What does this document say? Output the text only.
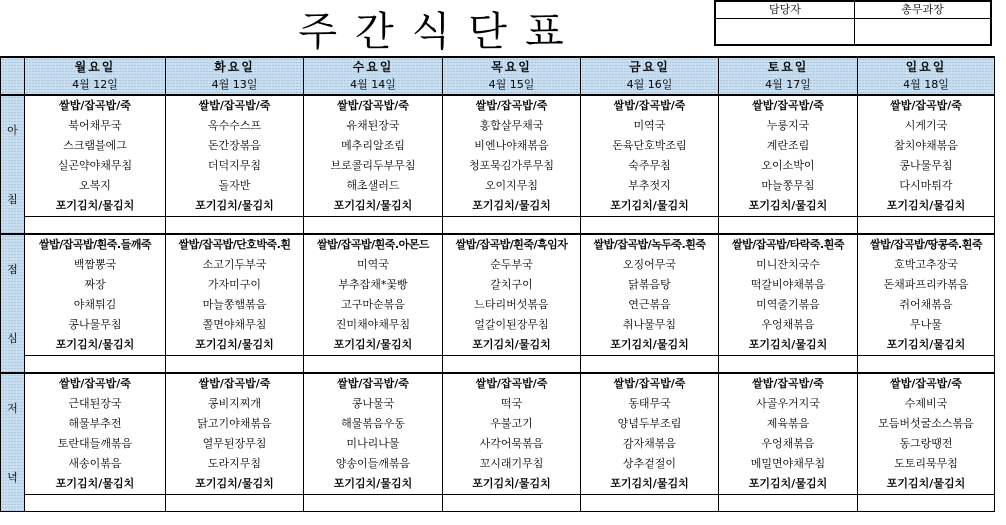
주간식단표	담당자	총무과장
	월요일	화요일	수요일	목요일	금요일	토요일	일요일
	4월 12일	4월 13일	4월 14일	4월 15일	4월 16일	4월 17일	4월 18일

아
침	쌀밥/잡곡밥/죽	쌀밥/잡곡밥/죽	쌀밥/잡곡밥/죽	쌀밥/잡곡밥/죽	쌀밥/잡곡밥/죽	쌀밥/잡곡밥/죽	쌀밥/잡곡밥/죽
	북어채무국	옥수수스프	유채된장국	홍합살무채국	미역국	누룽지국	시게기국
	스크램블에그	돈간장볶음	메추리알조림	비엔나야채볶음	돈육단호박조림	계란조림	참치야채볶음
	실곤약야채무침	더덕지무침	브로콜리두부무침	청포묵김가루무침	숙주무침	오이소박이	콩나물무침
	오복지	돌자반	해초샐러드	오이지무침	부추젓지	마늘쫑무침	다시마튀각
	포기김치/물김치	포기김치/물김치	포기김치/물김치	포기김치/물김치	포기김치/물김치	포기김치/물김치	포기김치/물김치

점
심	쌀밥/잡곡밥/흰죽.들깨죽	쌀밥/잡곡밥/단호박죽.흰	쌀밥/잡곡밥/흰죽.아몬드	쌀밥/잡곡밥/흰죽/흑임자	쌀밥/잡곡밥/녹두죽.흰죽	쌀밥/잡곡밥/타락죽.흰죽	쌀밥/잡곡밥/땅콩죽.흰죽
	백짬뽕국	소고기두부국	미역국	순두부국	오징어무국	미니잔치국수	호박고추장국
	짜장	가자미구이	부추잡채*꽃빵	갈치구이	닭볶음탕	떡갈비야채볶음	돈채파프리카볶음
	야채튀김	마늘쫑햄볶음	고구마순볶음	느타리버섯볶음	연근볶음	미역줄기볶음	쥐어채볶음
	콩나물무침	쫄면야채무침	진미채야채무침	얼갈이된장무침	취나물무침	우엉채볶음	무나물
	포기김치/물김치	포기김치/물김치	포기김치/물김치	포기김치/물김치	포기김치/물김치	포기김치/물김치	포기김치/물김치

저
녁	쌀밥/잡곡밥/죽	쌀밥/잡곡밥/죽	쌀밥/잡곡밥/죽	쌀밥/잡곡밥/죽	쌀밥/잡곡밥/죽	쌀밥/잡곡밥/죽	쌀밥/잡곡밥/죽
	근대된장국	콩비지찌개	콩나물국	떡국	동태무국	사골우거지국	수제비국
	해물부추전	닭고기야채볶음	해물볶음우동	우불고기	양념두부조림	제육볶음	모듬버섯굴소스볶음
	토란대들깨볶음	열무된장무침	미나리나물	사각어묵볶음	감자채볶음	우엉채볶음	동그랑땡전
	새송이볶음	도라지무침	양송이들깨볶음	꼬시래기무침	상추겉절이	메밀면야채무침	도토리묵무침
	포기김치/물김치	포기김치/물김치	포기김치/물김치	포기김치/물김치	포기김치/물김치	포기김치/물김치	포기김치/물김치
